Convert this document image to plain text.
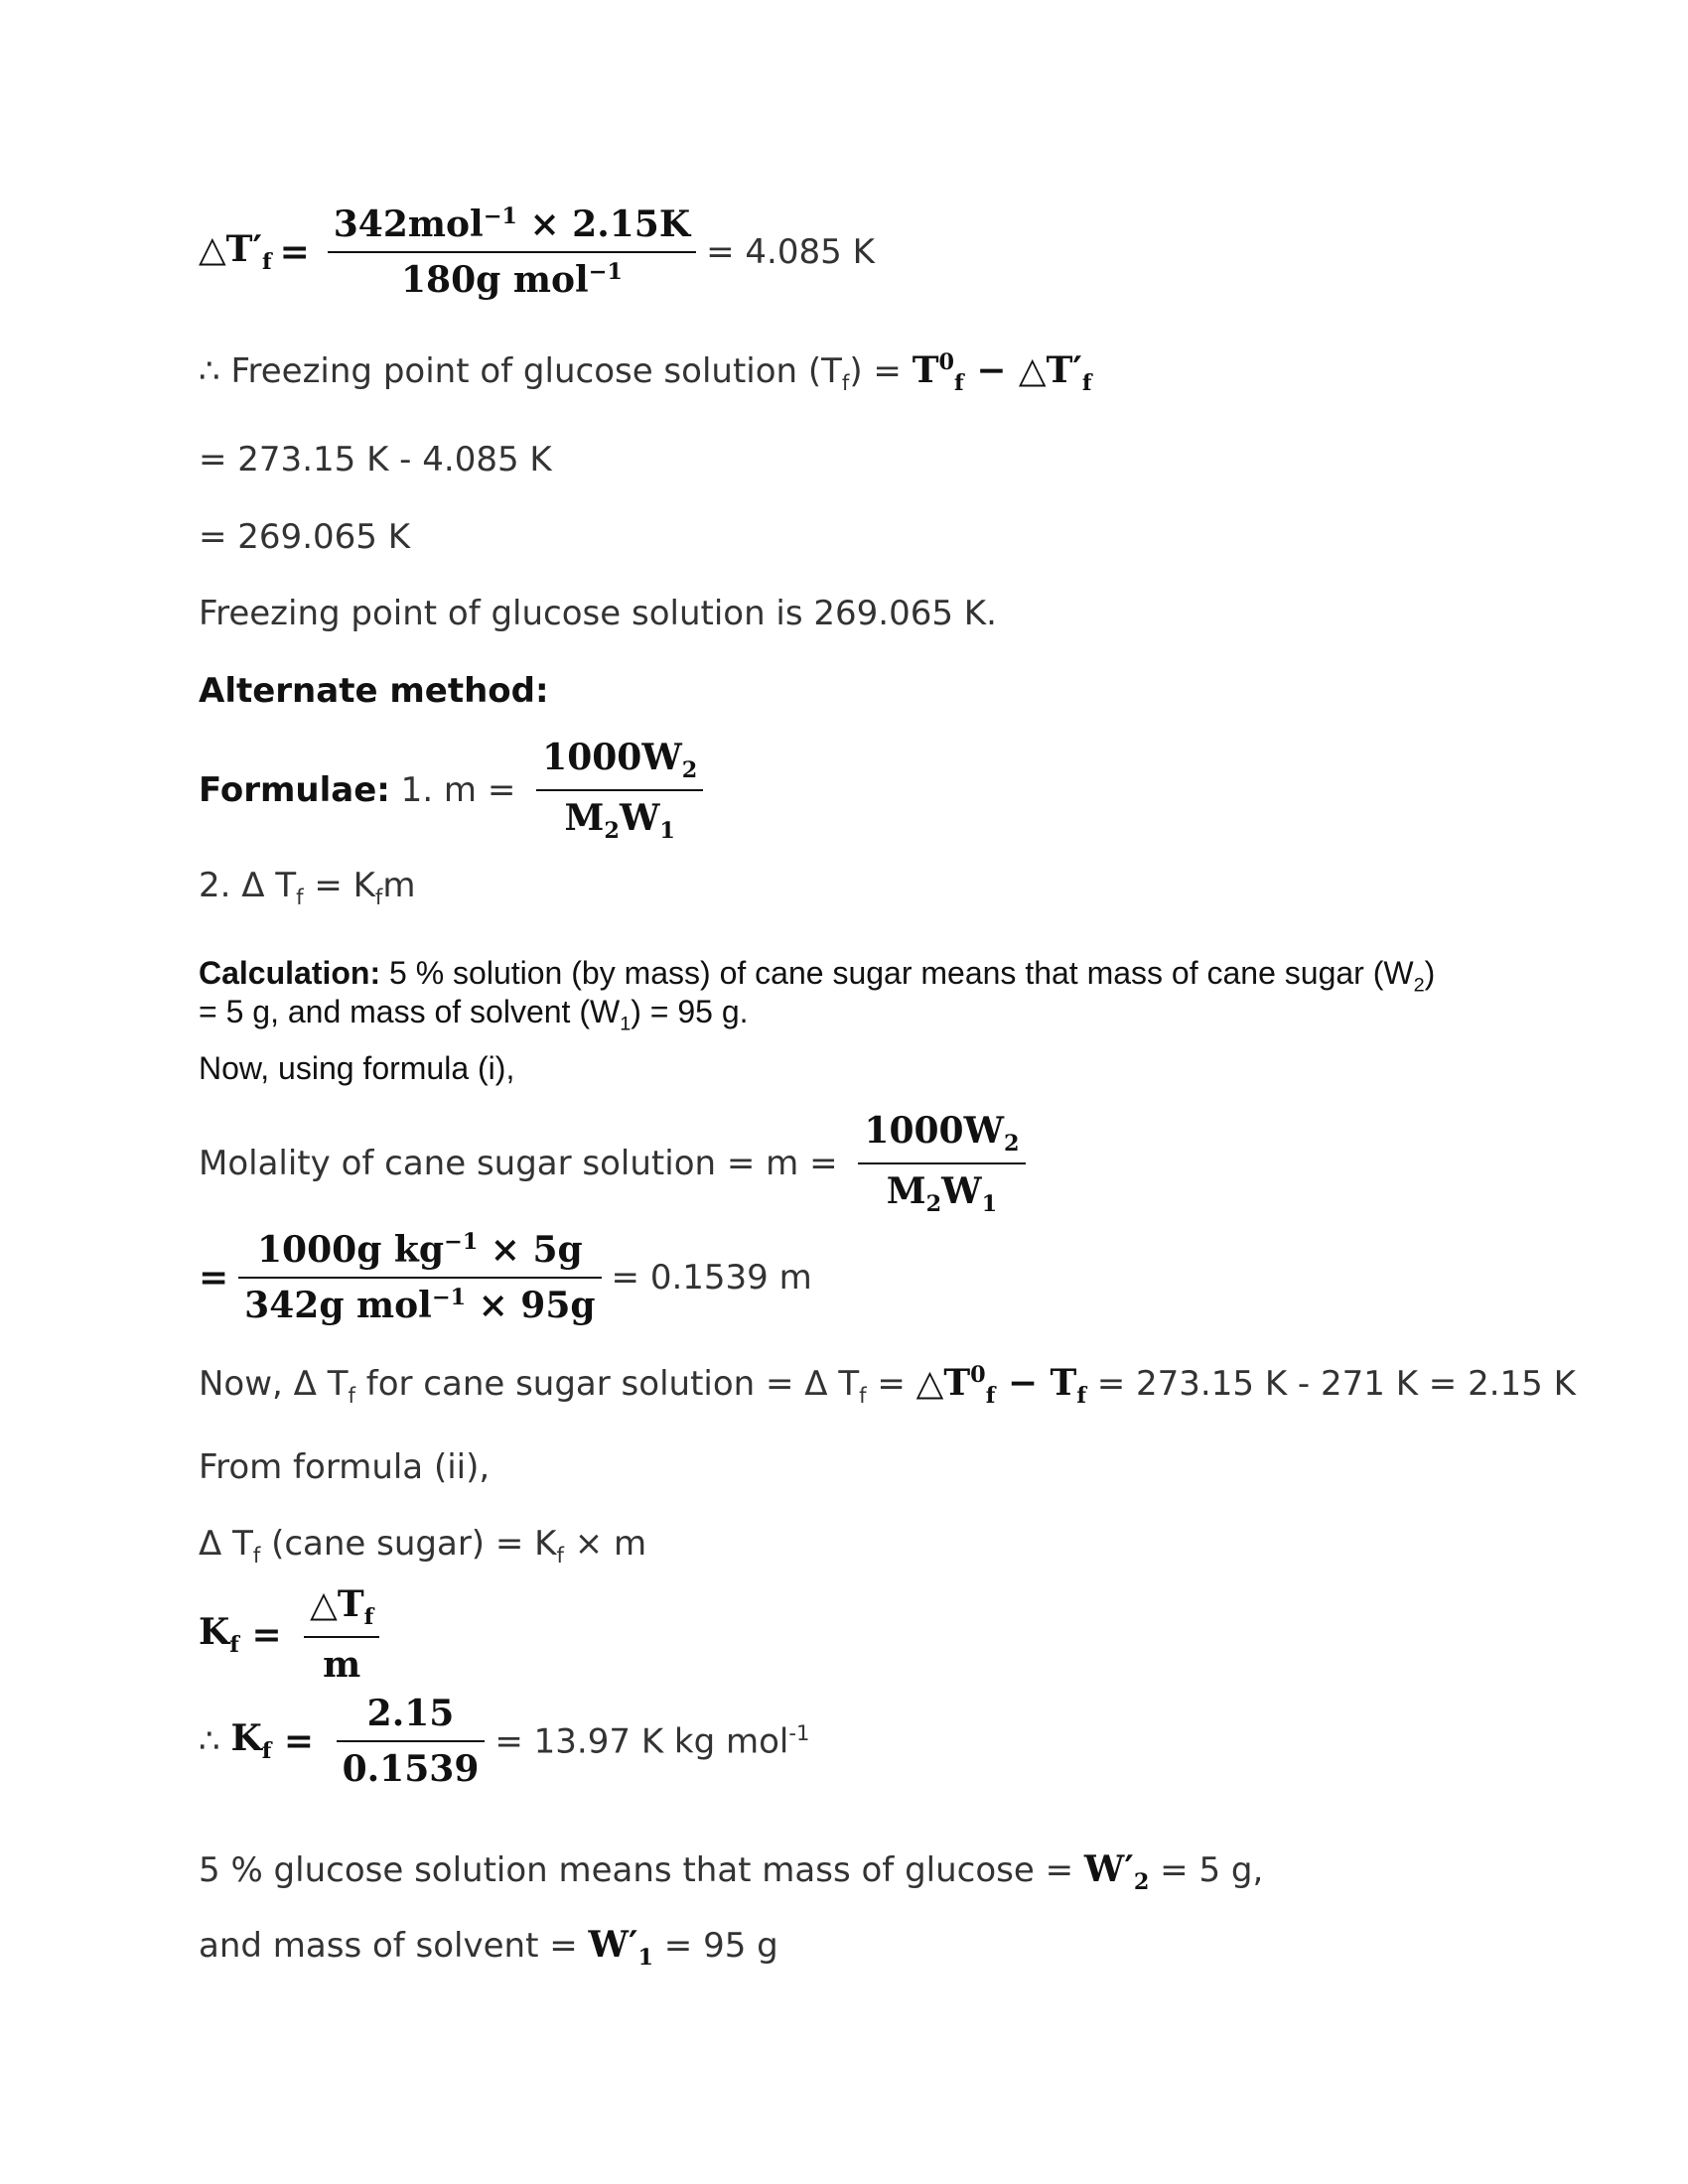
$\triangle T'_f = \frac{342mol^{-1} \times 2.15K}{180g mol^{-1}} = 4.085$ K
∴ Freezing point of glucose solution $(T_f) = T^0_f$ − $\triangle T'_f$
= 273.15 K - 4.085 K
= 269.065 K
Freezing point of glucose solution is 269.065 K.
Alternate method:
Formulae: 1. $m = \frac{1000W_2}{M_2W_1}$
2. Δ $T_f = K_fm$
Calculation: 5 % solution (by mass) of cane sugar means that mass of cane sugar $(W_2)$
= 5 g, and mass of solvent $(W_1) = 95$ g.
Now, using formula (i),
Molality of cane sugar solution = $m = \frac{1000W_2}{M_2W_1}$
= $\frac{1000g kg^{-1} \times 5g}{342g mol^{-1} \times 95g} = 0.1539$ m
Now, Δ $T_f$ for cane sugar solution = Δ $T_f$ = $\triangle T^0_f - T_f = 273.15$ K - 271 K = 2.15 K
From formula (ii),
Δ $T_f$ (cane sugar) = $K_f \times m$
$K_f = \frac{\triangle T_f}{m}$
∴ $K_f = \frac{2.15}{0.1539} = 13.97$ K kg mol$^{-1}$
5 % glucose solution means that mass of $glucose = W'_2 = 5$ g,
and mass of solvent = $W'_1 = 95$ g
